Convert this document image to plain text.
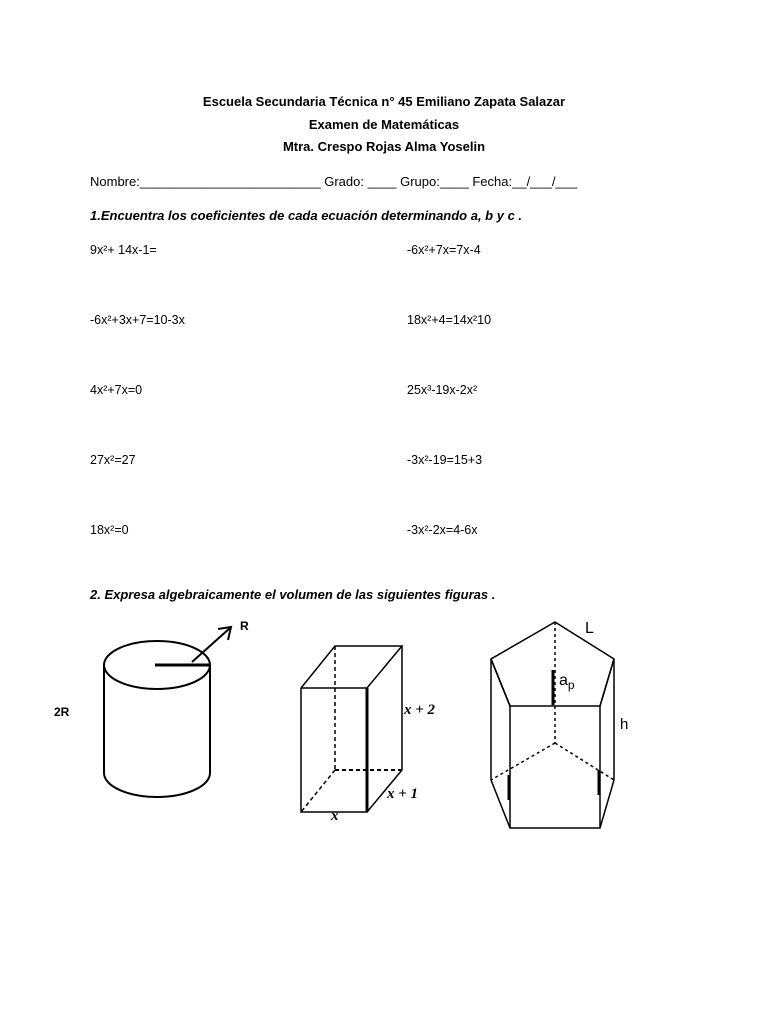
Escuela Secundaria Técnica n° 45 Emiliano Zapata Salazar
Examen de Matemáticas
Mtra. Crespo Rojas Alma Yoselin
Nombre:_________________________ Grado: ____ Grupo:____ Fecha:__/___/___
1.Encuentra los coeficientes de cada ecuación determinando a, b y c .
9x²+ 14x-1=	-6x²+7x=7x-4
-6x²+3x+7=10-3x	18x²+4=14x²10
4x²+7x=0	25x³-19x-2x²
27x²=27	-3x²-19=15+3
18x²=0	-3x²-2x=4-6x
2. Expresa algebraicamente el volumen de las siguientes figuras .
R
2R	x + 2
x + 1
x
L
$a_p$
h
